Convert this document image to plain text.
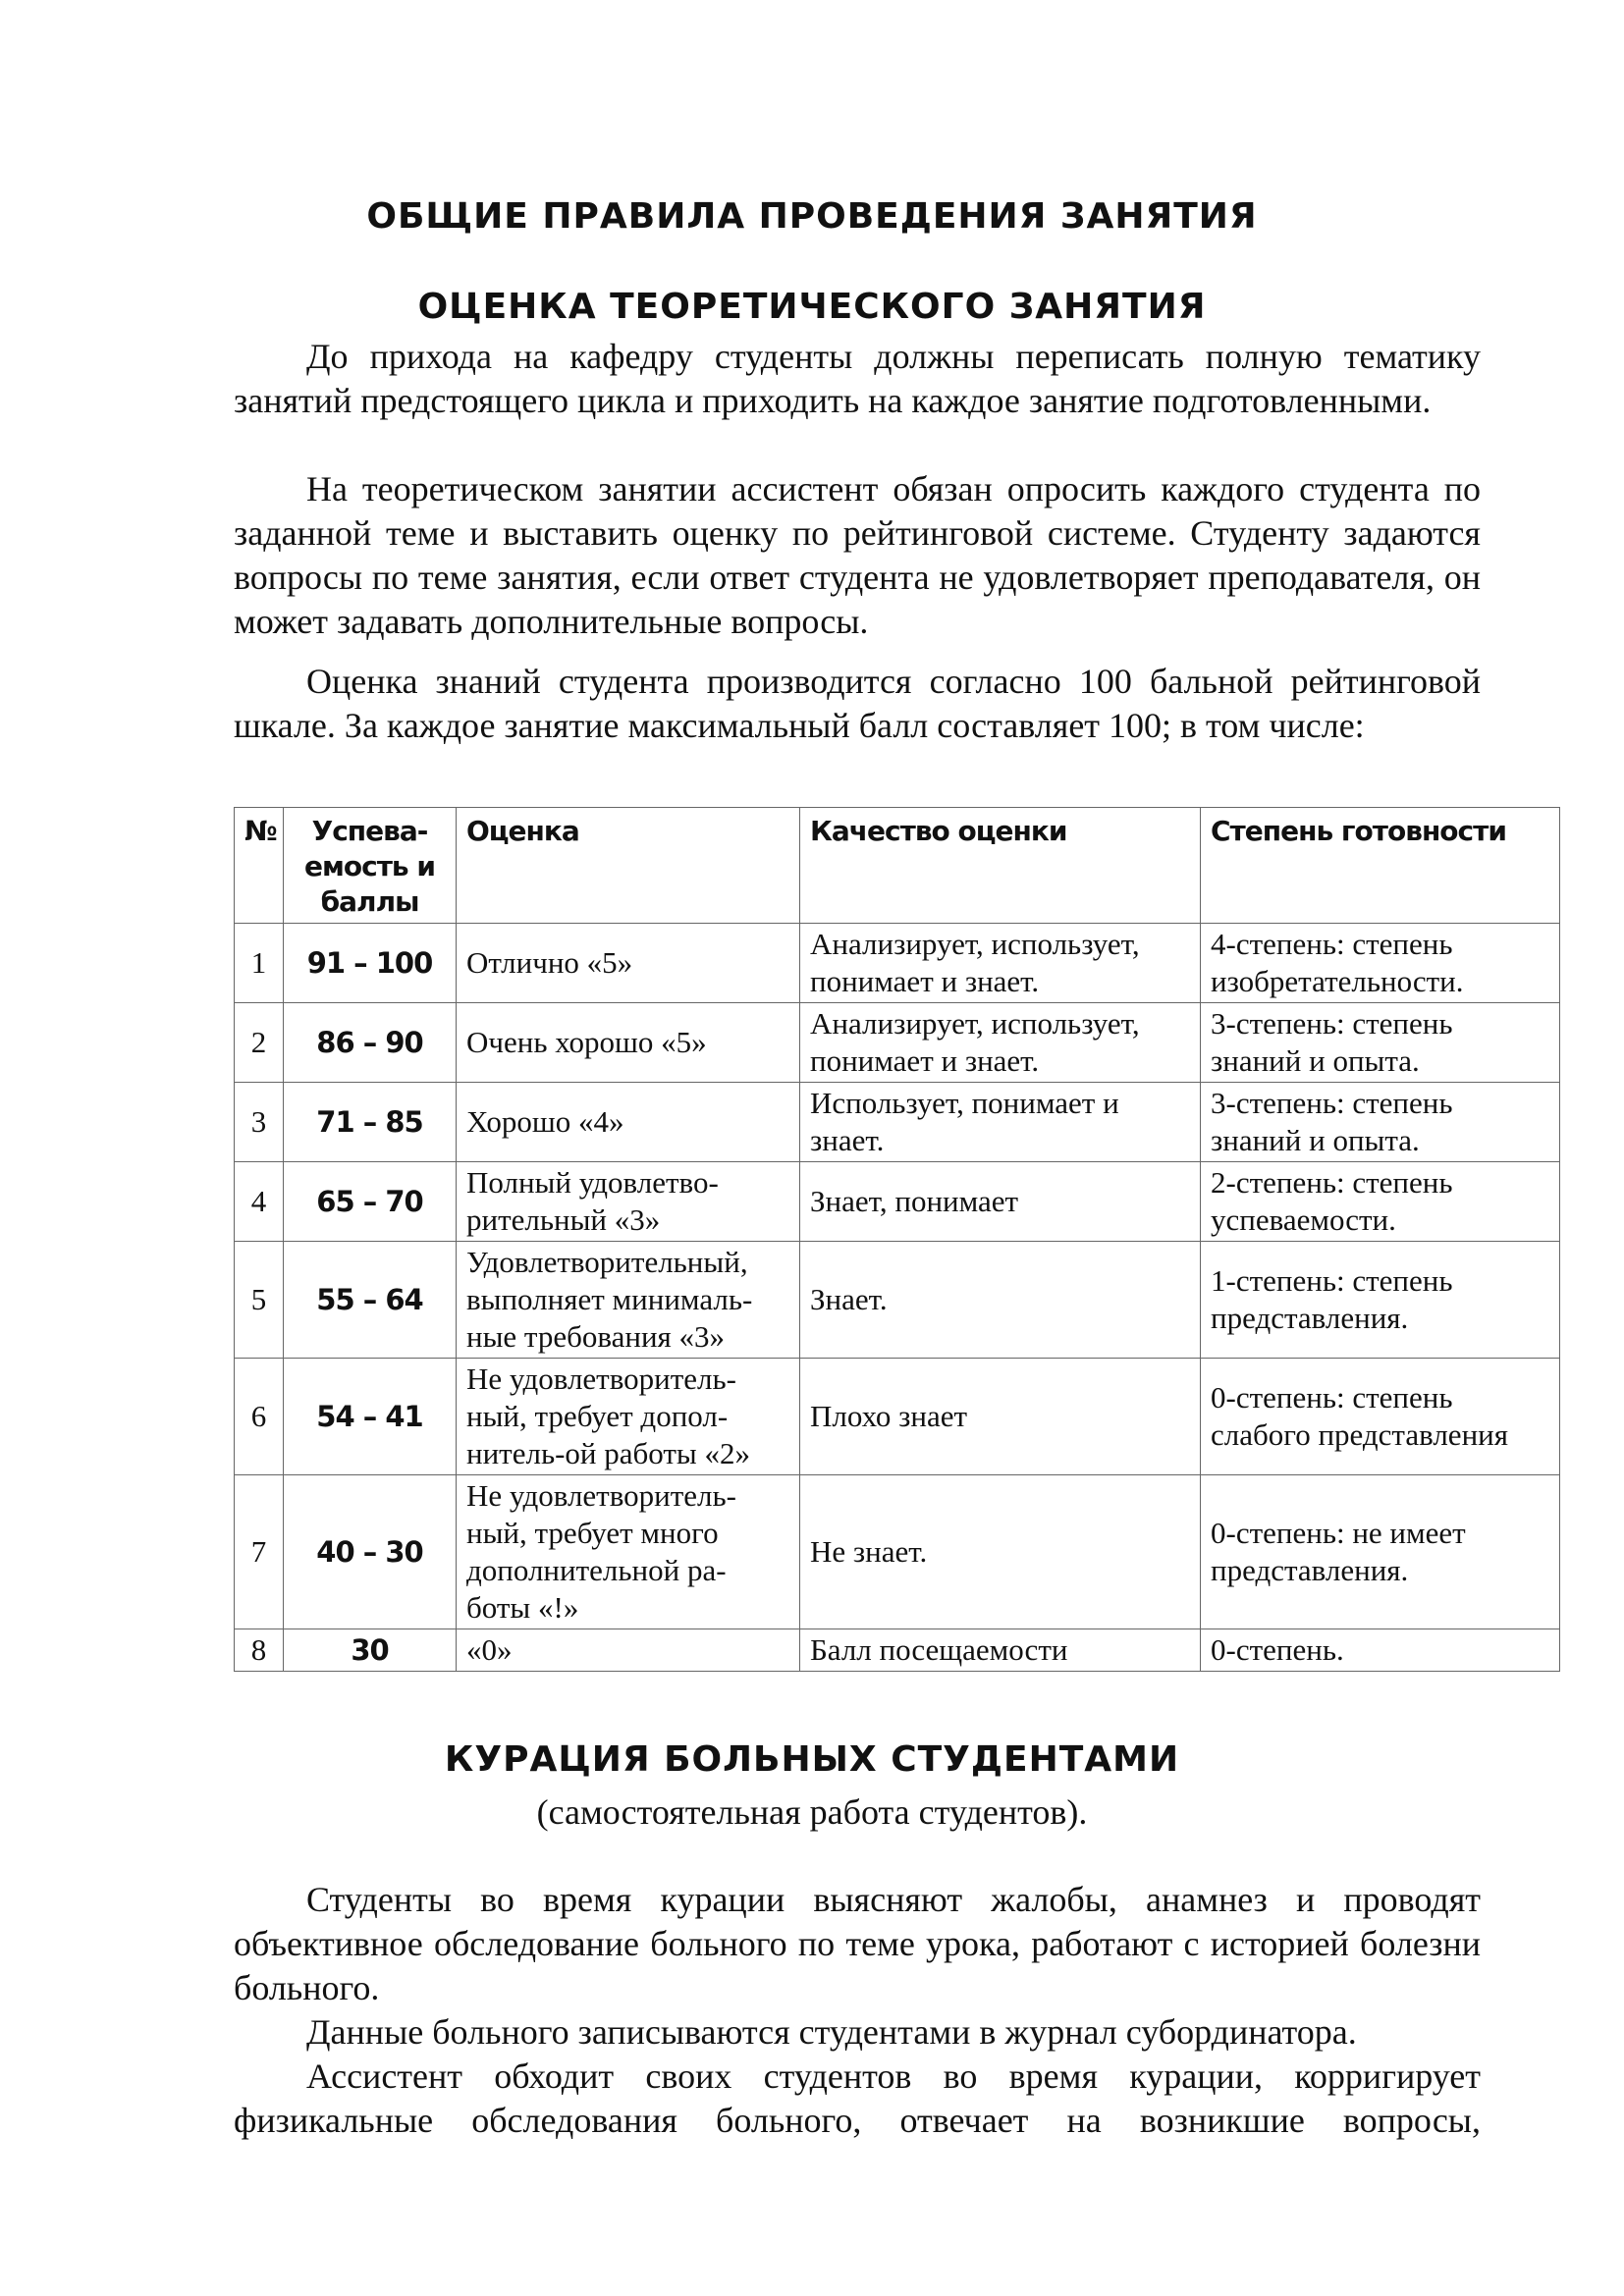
ОБЩИЕ ПРАВИЛА ПРОВЕДЕНИЯ ЗАНЯТИЯ
ОЦЕНКА ТЕОРЕТИЧЕСКОГО ЗАНЯТИЯ

До прихода на кафедру студенты должны переписать полную тематику занятий предстоящего цикла и приходить на каждое занятие подготовленными.

На теоретическом занятии ассистент обязан опросить каждого студента по заданной теме и выставить оценку по рейтинговой системе. Студенту задаются вопросы по теме занятия, если ответ студента не удовлетворяет преподавателя, он может задавать дополнительные вопросы.

Оценка знаний студента производится согласно 100 бальной рейтинговой шкале. За каждое занятие максимальный балл составляет 100; в том числе:

№	Успева-емость и баллы	Оценка	Качество оценки	Степень готовности
1	91 – 100	Отлично «5»	Анализирует, использует, понимает и знает.	4-степень: степень изобретательности.
2	86 – 90	Очень хорошо «5»	Анализирует, использует, понимает и знает.	3-степень: степень знаний и опыта.
3	71 – 85	Хорошо «4»	Использует, понимает и знает.	3-степень: степень знаний и опыта.
4	65 – 70	Полный удовлетво-рительный «3»	Знает, понимает	2-степень: степень успеваемости.
5	55 – 64	Удовлетворительный, выполняет минималь-ные требования «3»	Знает.	1-степень: степень представления.
6	54 – 41	Не удовлетворитель-ный, требует допол-нитель-ой работы «2»	Плохо знает	0-степень: степень слабого представления
7	40 – 30	Не удовлетворитель-ный, требует много дополнительной ра-боты «!»	Не знает.	0-степень: не имеет представления.
8	30	«0»	Балл посещаемости	0-степень.
КУРАЦИЯ БОЛЬНЫХ СТУДЕНТАМИ

(самостоятельная работа студентов).

Студенты во время курации выясняют жалобы, анамнез и проводят объективное обследование больного по теме урока, работают с историей болезни больного.

Данные больного записываются студентами в журнал субординатора.

Ассистент обходит своих студентов во время курации, корригирует физикальные обследования больного, отвечает на возникшие вопросы,
